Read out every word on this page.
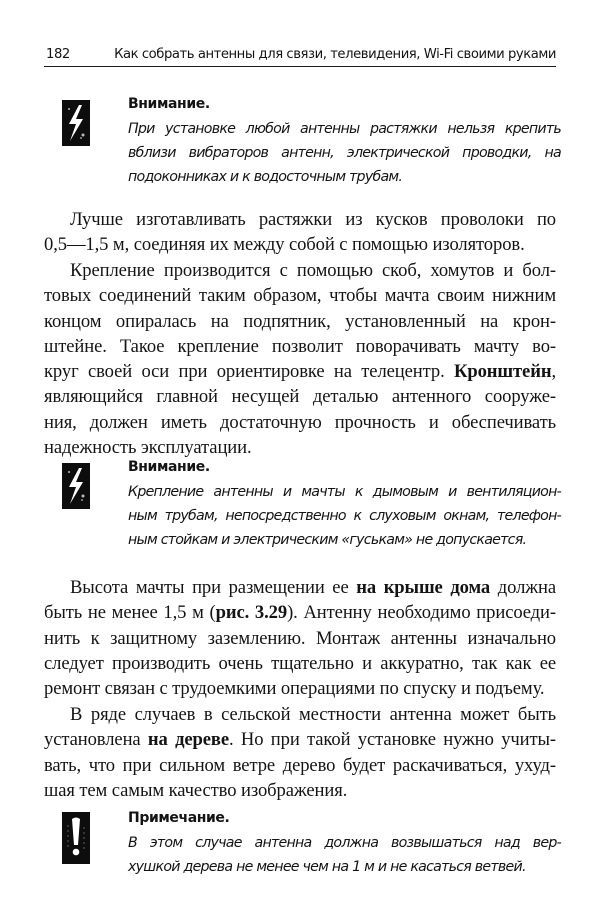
182	Как собрать антенны для связи, телевидения, Wi-Fi своими руками
Внимание.
При установке любой антенны растяжки нельзя крепить
вблизи вибраторов антенн, электрической проводки, на
подоконниках и к водосточным трубам.
Лучше изготавливать растяжки из кусков проволоки по
0,5—1,5 м, соединяя их между собой с помощью изоляторов.
Крепление производится с помощью скоб, хомутов и бол-
товых соединений таким образом, чтобы мачта своим нижним
концом опиралась на подпятник, установленный на крон-
штейне. Такое крепление позволит поворачивать мачту во-
круг своей оси при ориентировке на телецентр. Кронштейн,
являющийся главной несущей деталью антенного сооруже-
ния, должен иметь достаточную прочность и обеспечивать
надежность эксплуатации.
Внимание.
Крепление антенны и мачты к дымовым и вентиляцион-
ным трубам, непосредственно к слуховым окнам, телефон-
ным стойкам и электрическим «гуськам» не допускается.
Высота мачты при размещении ее на крыше дома должна
быть не менее 1,5 м (рис. 3.29). Антенну необходимо присоеди-
нить к защитному заземлению. Монтаж антенны изначально
следует производить очень тщательно и аккуратно, так как ее
ремонт связан с трудоемкими операциями по спуску и подъему.
В ряде случаев в сельской местности антенна может быть
установлена на дереве. Но при такой установке нужно учиты-
вать, что при сильном ветре дерево будет раскачиваться, ухуд-
шая тем самым качество изображения.
Примечание.
В этом случае антенна должна возвышаться над вер-
хушкой дерева не менее чем на 1 м и не касаться ветвей.
